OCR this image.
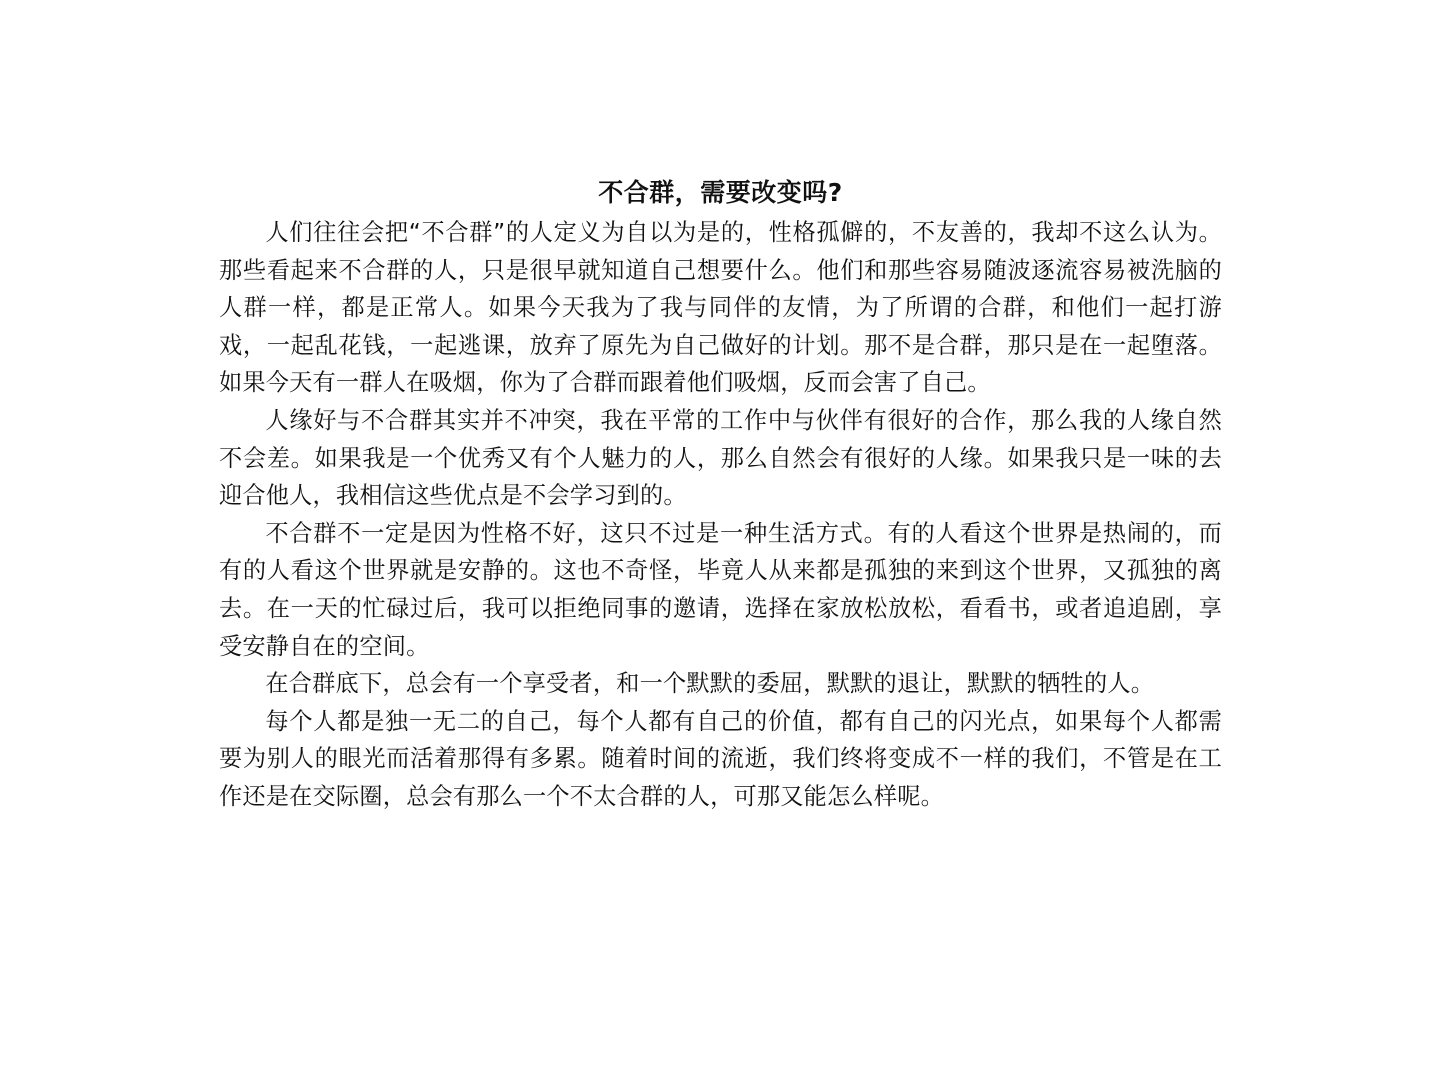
不合群，需要改变吗?

人们往往会把“不合群”的人定义为自以为是的，性格孤僻的，不友善的，我却不这么认为。那些看起来不合群的人，只是很早就知道自己想要什么。他们和那些容易随波逐流容易被洗脑的人群一样，都是正常人。如果今天我为了我与同伴的友情，为了所谓的合群，和他们一起打游戏，一起乱花钱，一起逃课，放弃了原先为自己做好的计划。那不是合群，那只是在一起堕落。如果今天有一群人在吸烟，你为了合群而跟着他们吸烟，反而会害了自己。

人缘好与不合群其实并不冲突，我在平常的工作中与伙伴有很好的合作，那么我的人缘自然不会差。如果我是一个优秀又有个人魅力的人，那么自然会有很好的人缘。如果我只是一味的去迎合他人，我相信这些优点是不会学习到的。

不合群不一定是因为性格不好，这只不过是一种生活方式。有的人看这个世界是热闹的，而有的人看这个世界就是安静的。这也不奇怪，毕竟人从来都是孤独的来到这个世界，又孤独的离去。在一天的忙碌过后，我可以拒绝同事的邀请，选择在家放松放松，看看书，或者追追剧，享受安静自在的空间。

在合群底下，总会有一个享受者，和一个默默的委屈，默默的退让，默默的牺牲的人。

每个人都是独一无二的自己，每个人都有自己的价值，都有自己的闪光点，如果每个人都需要为别人的眼光而活着那得有多累。随着时间的流逝，我们终将变成不一样的我们，不管是在工作还是在交际圈，总会有那么一个不太合群的人，可那又能怎么样呢。
